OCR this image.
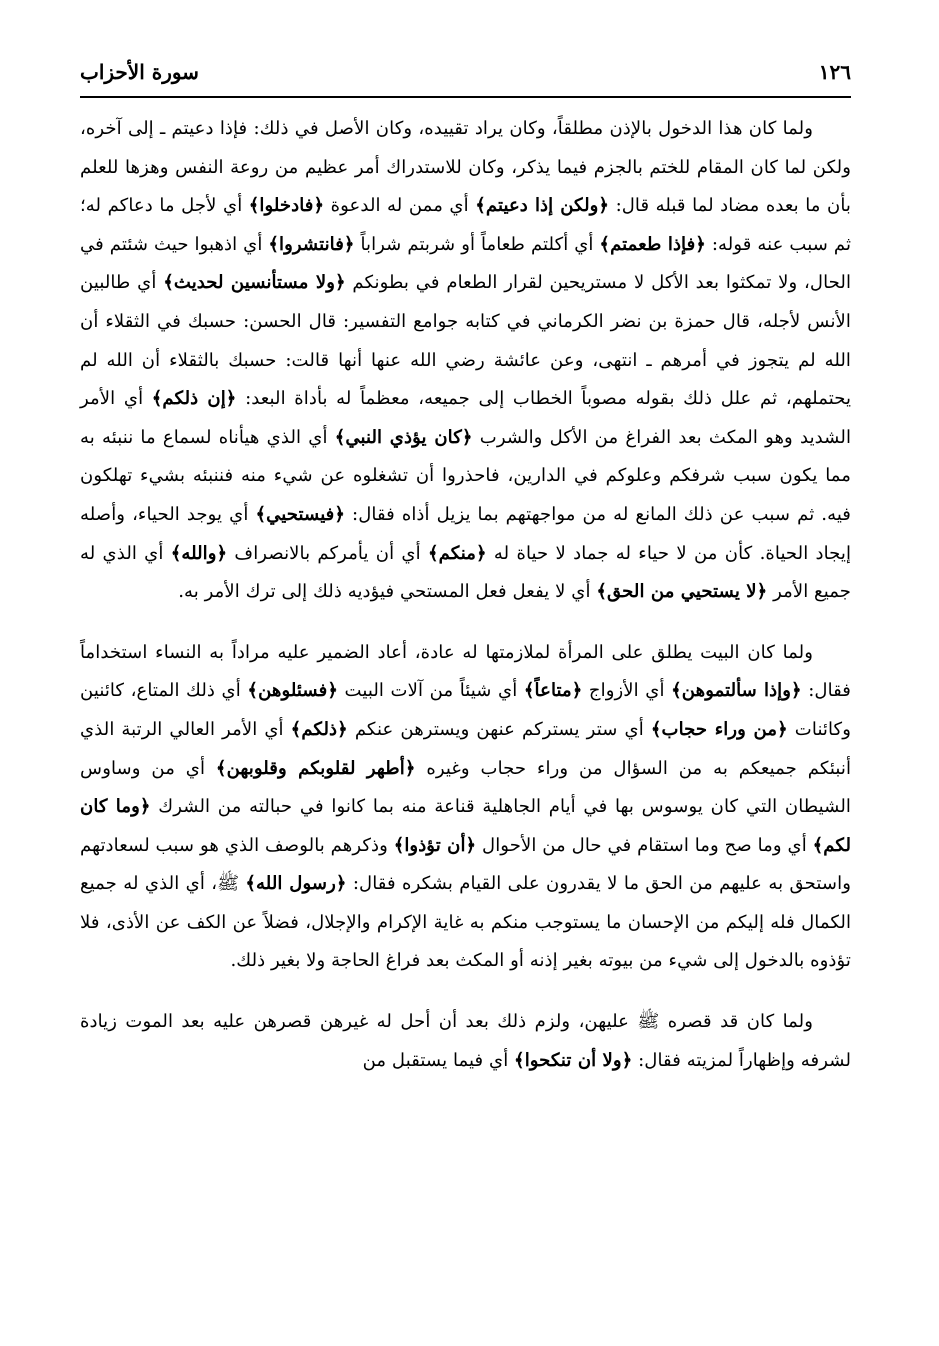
١٢٦
سورة الأحزاب

ولما كان هذا الدخول بالإذن مطلقاً، وكان يراد تقييده، وكان الأصل في ذلك: فإذا دعيتم ـ إلى آخره، ولكن لما كان المقام للختم بالجزم فيما يذكر، وكان للاستدراك أمر عظيم من روعة النفس وهزها للعلم بأن ما بعده مضاد لما قبله قال: ﴿ولكن إذا دعيتم﴾ أي ممن له الدعوة ﴿فادخلوا﴾ أي لأجل ما دعاكم له؛ ثم سبب عنه قوله: ﴿فإذا طعمتم﴾ أي أكلتم طعاماً أو شربتم شراباً ﴿فانتشروا﴾ أي اذهبوا حيث شئتم في الحال، ولا تمكثوا بعد الأكل لا مستريحين لقرار الطعام في بطونكم ﴿ولا مستأنسين لحديث﴾ أي طالبين الأنس لأجله، قال حمزة بن نضر الكرماني في كتابه جوامع التفسير: قال الحسن: حسبك في الثقلاء أن الله لم يتجوز في أمرهم ـ انتهى، وعن عائشة رضي الله عنها أنها قالت: حسبك بالثقلاء أن الله لم يحتملهم، ثم علل ذلك بقوله مصوباً الخطاب إلى جميعه، معظماً له بأداة البعد: ﴿إن ذلكم﴾ أي الأمر الشديد وهو المكث بعد الفراغ من الأكل والشرب ﴿كان يؤذي النبي﴾ أي الذي هيأناه لسماع ما ننبئه به مما يكون سبب شرفكم وعلوكم في الدارين، فاحذروا أن تشغلوه عن شيء منه فننبئه بشيء تهلكون فيه. ثم سبب عن ذلك المانع له من مواجهتهم بما يزيل أذاه فقال: ﴿فيستحيي﴾ أي يوجد الحياء، وأصله إيجاد الحياة. كأن من لا حياء له جماد لا حياة له ﴿منكم﴾ أي أن يأمركم بالانصراف ﴿والله﴾ أي الذي له جميع الأمر ﴿لا يستحيي من الحق﴾ أي لا يفعل فعل المستحي فيؤديه ذلك إلى ترك الأمر به.

ولما كان البيت يطلق على المرأة لملازمتها له عادة، أعاد الضمير عليه مراداً به النساء استخداماً فقال: ﴿وإذا سألتموهن﴾ أي الأزواج ﴿متاعاً﴾ أي شيئاً من آلات البيت ﴿فسئلوهن﴾ أي ذلك المتاع، كائنين وكائنات ﴿من وراء حجاب﴾ أي ستر يستركم عنهن ويسترهن عنكم ﴿ذلكم﴾ أي الأمر العالي الرتبة الذي أنبئكم جميعكم به من السؤال من وراء حجاب وغيره ﴿أطهر لقلوبكم وقلوبهن﴾ أي من وساوس الشيطان التي كان يوسوس بها في أيام الجاهلية قناعة منه بما كانوا في حبالته من الشرك ﴿وما كان لكم﴾ أي وما صح وما استقام في حال من الأحوال ﴿أن تؤذوا﴾ وذكرهم بالوصف الذي هو سبب لسعادتهم واستحق به عليهم من الحق ما لا يقدرون على القيام بشكره فقال: ﴿رسول الله﴾ ﷺ، أي الذي له جميع الكمال فله إليكم من الإحسان ما يستوجب منكم به غاية الإكرام والإجلال، فضلاً عن الكف عن الأذى، فلا تؤذوه بالدخول إلى شيء من بيوته بغير إذنه أو المكث بعد فراغ الحاجة ولا بغير ذلك.

ولما كان قد قصره ﷺ عليهن، ولزم ذلك بعد أن أحل له غيرهن قصرهن عليه بعد الموت زيادة لشرفه وإظهاراً لمزيته فقال: ﴿ولا أن تنكحوا﴾ أي فيما يستقبل من
